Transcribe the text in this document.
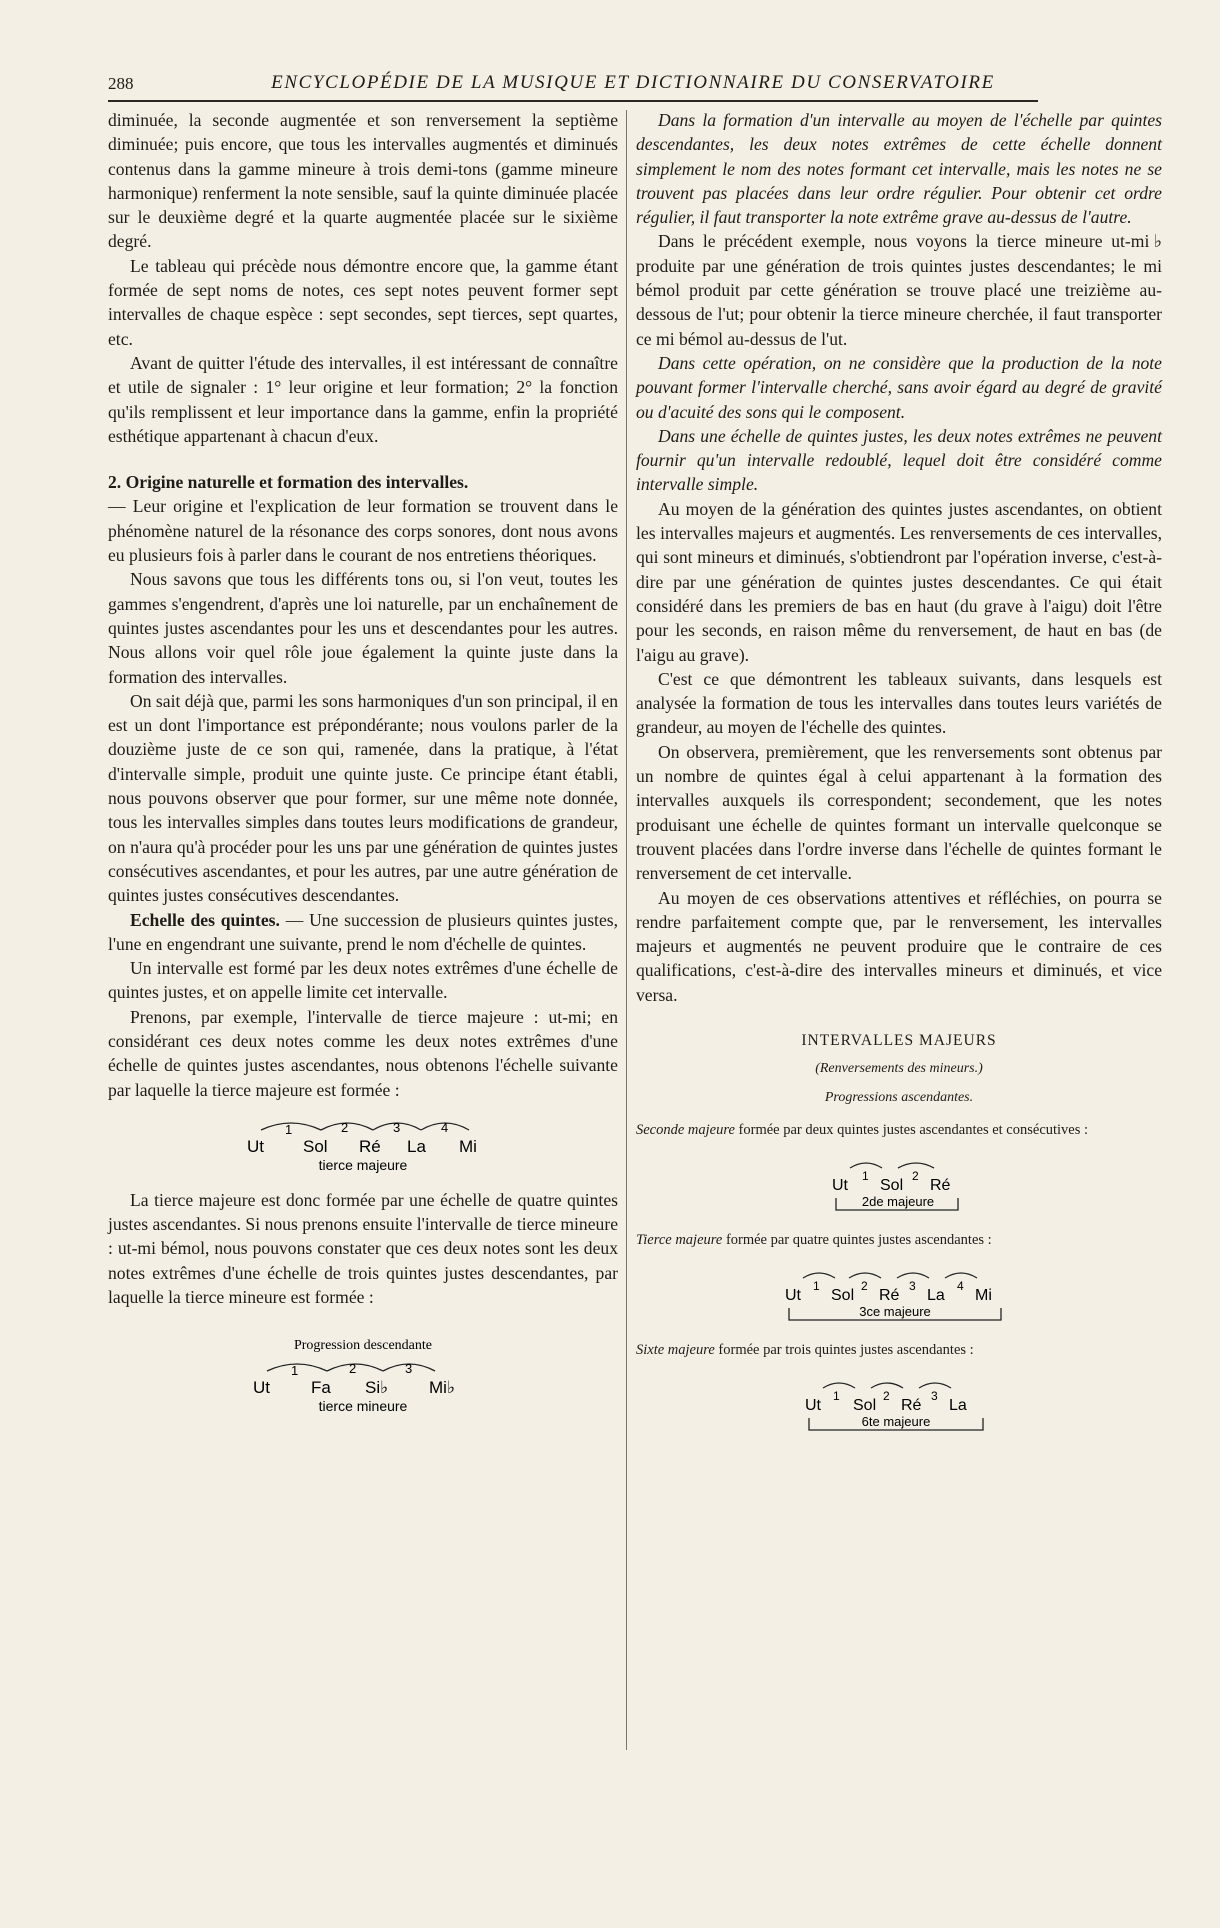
288	ENCYCLOPÉDIE DE LA MUSIQUE ET DICTIONNAIRE DU CONSERVATOIRE

diminuée, la seconde augmentée et son renversement la septième diminuée; puis encore, que tous les intervalles augmentés et diminués contenus dans la gamme mineure à trois demi-tons (gamme mineure harmonique) renferment la note sensible, sauf la quinte diminuée placée sur le deuxième degré et la quarte augmentée placée sur le sixième degré.

Le tableau qui précède nous démontre encore que, la gamme étant formée de sept noms de notes, ces sept notes peuvent former sept intervalles de chaque espèce : sept secondes, sept tierces, sept quartes, etc.

Avant de quitter l'étude des intervalles, il est intéressant de connaître et utile de signaler : 1° leur origine et leur formation; 2° la fonction qu'ils remplissent et leur importance dans la gamme, enfin la propriété esthétique appartenant à chacun d'eux.

2. Origine naturelle et formation des intervalles.

— Leur origine et l'explication de leur formation se trouvent dans le phénomène naturel de la résonance des corps sonores, dont nous avons eu plusieurs fois à parler dans le courant de nos entretiens théoriques.

Nous savons que tous les différents tons ou, si l'on veut, toutes les gammes s'engendrent, d'après une loi naturelle, par un enchaînement de quintes justes ascendantes pour les uns et descendantes pour les autres. Nous allons voir quel rôle joue également la quinte juste dans la formation des intervalles.

On sait déjà que, parmi les sons harmoniques d'un son principal, il en est un dont l'importance est prépondérante; nous voulons parler de la douzième juste de ce son qui, ramenée, dans la pratique, à l'état d'intervalle simple, produit une quinte juste. Ce principe étant établi, nous pouvons observer que pour former, sur une même note donnée, tous les intervalles simples dans toutes leurs modifications de grandeur, on n'aura qu'à procéder pour les uns par une génération de quintes justes consécutives ascendantes, et pour les autres, par une autre génération de quintes justes consécutives descendantes.

Echelle des quintes. — Une succession de plusieurs quintes justes, l'une en engendrant une suivante, prend le nom d'échelle de quintes.

Un intervalle est formé par les deux notes extrêmes d'une échelle de quintes justes, et on appelle limite cet intervalle.

Prenons, par exemple, l'intervalle de tierce majeure : ut-mi; en considérant ces deux notes comme les deux notes extrêmes d'une échelle de quintes justes ascendantes, nous obtenons l'échelle suivante par laquelle la tierce majeure est formée :

1	2	3	4
Ut Sol Ré La Mi
tierce majeure

La tierce majeure est donc formée par une échelle de quatre quintes justes ascendantes. Si nous prenons ensuite l'intervalle de tierce mineure : ut-mi bémol, nous pouvons constater que ces deux notes sont les deux notes extrêmes d'une échelle de trois quintes justes descendantes, par laquelle la tierce mineure est formée :

Progression descendante
1	2	3
Ut Fa Si♭ Mi♭
tierce mineure

Dans la formation d'un intervalle au moyen de l'échelle par quintes descendantes, les deux notes extrêmes de cette échelle donnent simplement le nom des notes formant cet intervalle, mais les notes ne se trouvent pas placées dans leur ordre régulier. Pour obtenir cet ordre régulier, il faut transporter la note extrême grave au-dessus de l'autre.

Dans le précédent exemple, nous voyons la tierce mineure ut-mi♭ produite par une génération de trois quintes justes descendantes; le mi bémol produit par cette génération se trouve placé une treizième au-dessous de l'ut; pour obtenir la tierce mineure cherchée, il faut transporter ce mi bémol au-dessus de l'ut.

Dans cette opération, on ne considère que la production de la note pouvant former l'intervalle cherché, sans avoir égard au degré de gravité ou d'acuité des sons qui le composent.

Dans une échelle de quintes justes, les deux notes extrêmes ne peuvent fournir qu'un intervalle redoublé, lequel doit être considéré comme intervalle simple.

Au moyen de la génération des quintes justes ascendantes, on obtient les intervalles majeurs et augmentés. Les renversements de ces intervalles, qui sont mineurs et diminués, s'obtiendront par l'opération inverse, c'est-à-dire par une génération de quintes justes descendantes. Ce qui était considéré dans les premiers de bas en haut (du grave à l'aigu) doit l'être pour les seconds, en raison même du renversement, de haut en bas (de l'aigu au grave).

C'est ce que démontrent les tableaux suivants, dans lesquels est analysée la formation de tous les intervalles dans toutes leurs variétés de grandeur, au moyen de l'échelle des quintes.

On observera, premièrement, que les renversements sont obtenus par un nombre de quintes égal à celui appartenant à la formation des intervalles auxquels ils correspondent; secondement, que les notes produisant une échelle de quintes formant un intervalle quelconque se trouvent placées dans l'ordre inverse dans l'échelle de quintes formant le renversement de cet intervalle.

Au moyen de ces observations attentives et réfléchies, on pourra se rendre parfaitement compte que, par le renversement, les intervalles majeurs et augmentés ne peuvent produire que le contraire de ces qualifications, c'est-à-dire des intervalles mineurs et diminués, et vice versa.

INTERVALLES MAJEURS
(Renversements des mineurs.)
Progressions ascendantes.
Seconde majeure formée par deux quintes justes ascendantes et consécutives :
1	2
Ut Sol Ré
2de majeure
Tierce majeure formée par quatre quintes justes ascendantes :
1	2	3	4
Ut Sol Ré La Mi
3ce majeure
Sixte majeure formée par trois quintes justes ascendantes :
1	2	3
Ut Sol Ré La
6te majeure
